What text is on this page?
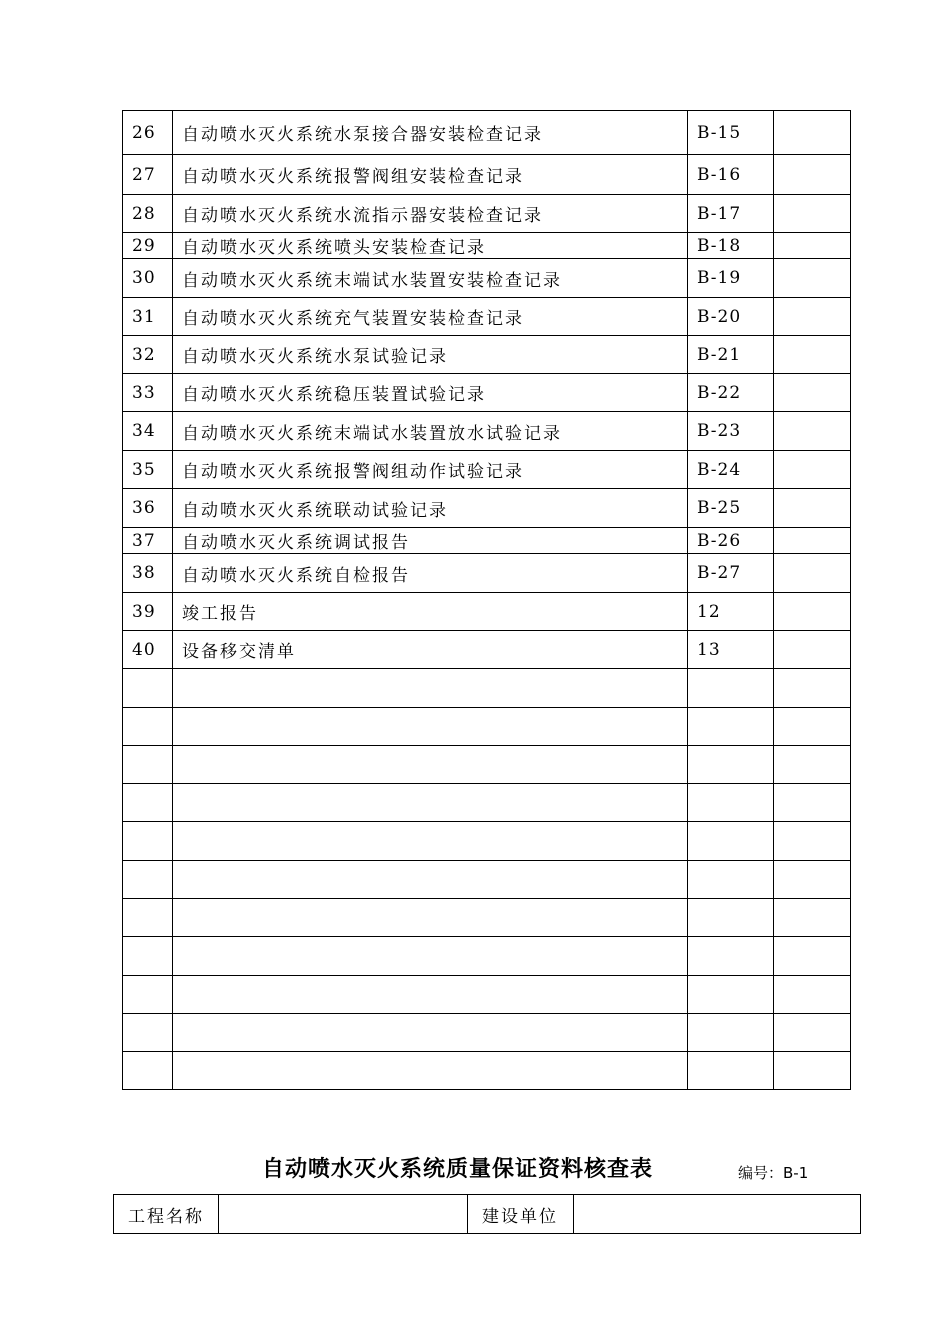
26	自动喷水灭火系统水泵接合器安装检查记录	B-15	
27	自动喷水灭火系统报警阀组安装检查记录	B-16	
28	自动喷水灭火系统水流指示器安装检查记录	B-17	
29	自动喷水灭火系统喷头安装检查记录	B-18	
30	自动喷水灭火系统末端试水装置安装检查记录	B-19	
31	自动喷水灭火系统充气装置安装检查记录	B-20	
32	自动喷水灭火系统水泵试验记录	B-21	
33	自动喷水灭火系统稳压装置试验记录	B-22	
34	自动喷水灭火系统末端试水装置放水试验记录	B-23	
35	自动喷水灭火系统报警阀组动作试验记录	B-24	
36	自动喷水灭火系统联动试验记录	B-25	
37	自动喷水灭火系统调试报告	B-26	
38	自动喷水灭火系统自检报告	B-27	
39	竣工报告	12	
40	设备移交清单	13	

自动喷水灭火系统质量保证资料核查表	编号：B-1
工程名称		建设单位	
